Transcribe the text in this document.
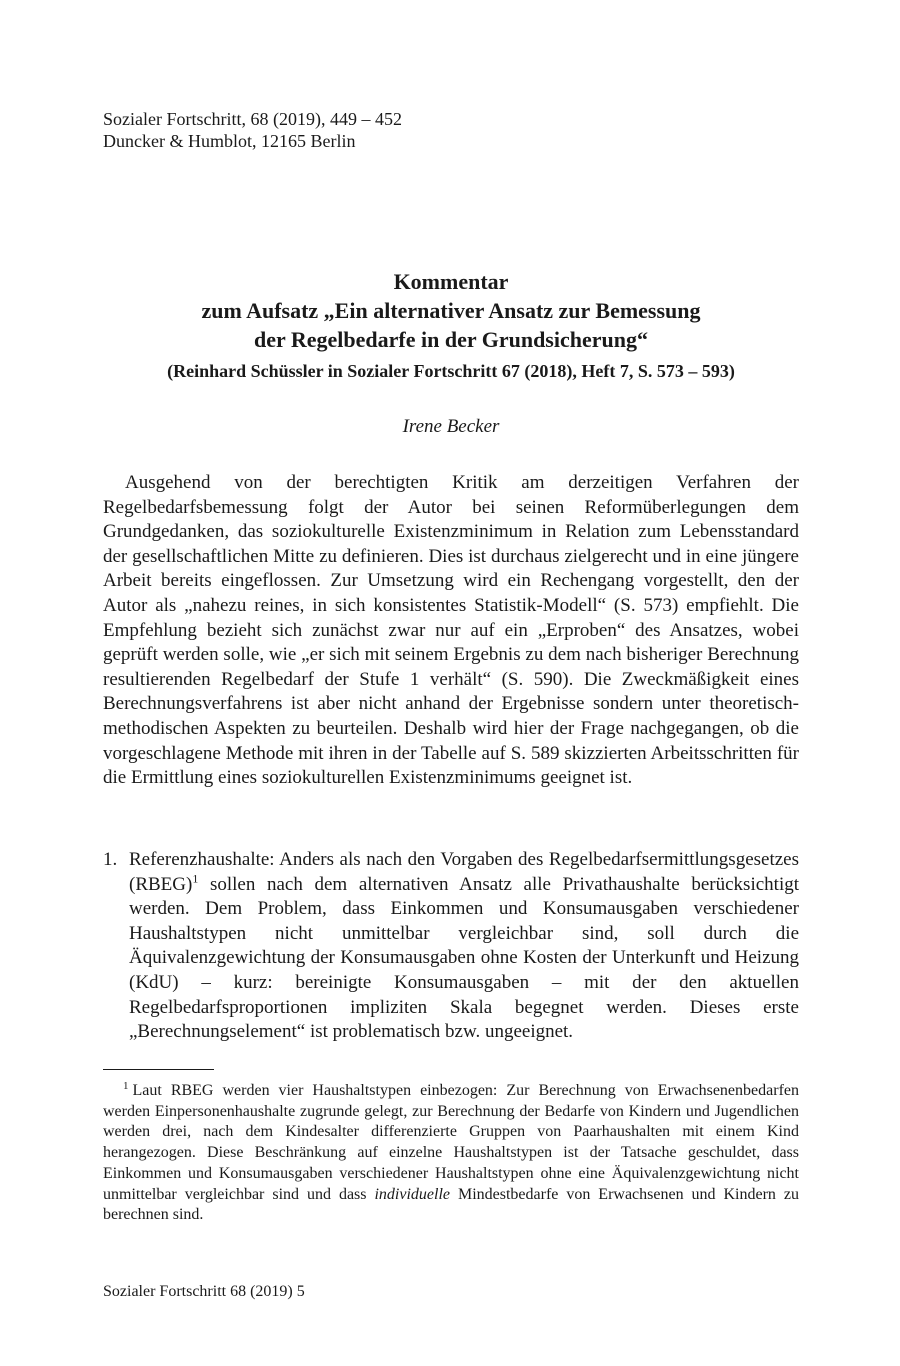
Sozialer Fortschritt, 68 (2019), 449 – 452
Duncker & Humblot, 12165 Berlin
Kommentar
zum Aufsatz „Ein alternativer Ansatz zur Bemessung
der Regelbedarfe in der Grundsicherung“
(Reinhard Schüssler in Sozialer Fortschritt 67 (2018), Heft 7, S. 573 – 593)
Irene Becker

Ausgehend von der berechtigten Kritik am derzeitigen Verfahren der Regelbedarfsbemessung folgt der Autor bei seinen Reformüberlegungen dem Grundgedanken, das soziokulturelle Existenzminimum in Relation zum Lebensstandard der gesellschaftlichen Mitte zu definieren. Dies ist durchaus zielgerecht und in eine jüngere Arbeit bereits eingeflossen. Zur Umsetzung wird ein Rechengang vorgestellt, den der Autor als „nahezu reines, in sich konsistentes Statistik-Modell“ (S. 573) empfiehlt. Die Empfehlung bezieht sich zunächst zwar nur auf ein „Erproben“ des Ansatzes, wobei geprüft werden solle, wie „er sich mit seinem Ergebnis zu dem nach bisheriger Berechnung resultierenden Regelbedarf der Stufe 1 verhält“ (S. 590). Die Zweckmäßigkeit eines Berechnungsverfahrens ist aber nicht anhand der Ergebnisse sondern unter theoretisch-methodischen Aspekten zu beurteilen. Deshalb wird hier der Frage nachgegangen, ob die vorgeschlagene Methode mit ihren in der Tabelle auf S. 589 skizzierten Arbeitsschritten für die Ermittlung eines soziokulturellen Existenzminimums geeignet ist.

1. Referenzhaushalte: Anders als nach den Vorgaben des Regelbedarfsermittlungsgesetzes (RBEG)$^1$ sollen nach dem alternativen Ansatz alle Privathaushalte berücksichtigt werden. Dem Problem, dass Einkommen und Konsumausgaben verschiedener Haushaltstypen nicht unmittelbar vergleichbar sind, soll durch die Äquivalenzgewichtung der Konsumausgaben ohne Kosten der Unterkunft und Heizung (KdU) – kurz: bereinigte Konsumausgaben – mit der den aktuellen Regelbedarfsproportionen impliziten Skala begegnet werden. Dieses erste „Berechnungselement“ ist problematisch bzw. ungeeignet.

$^1$ Laut RBEG werden vier Haushaltstypen einbezogen: Zur Berechnung von Erwachsenenbedarfen werden Einpersonenhaushalte zugrunde gelegt, zur Berechnung der Bedarfe von Kindern und Jugendlichen werden drei, nach dem Kindesalter differenzierte Gruppen von Paarhaushalten mit einem Kind herangezogen. Diese Beschränkung auf einzelne Haushaltstypen ist der Tatsache geschuldet, dass Einkommen und Konsumausgaben verschiedener Haushaltstypen ohne eine Äquivalenzgewichtung nicht unmittelbar vergleichbar sind und dass individuelle Mindestbedarfe von Erwachsenen und Kindern zu berechnen sind.

Sozialer Fortschritt 68 (2019) 5
